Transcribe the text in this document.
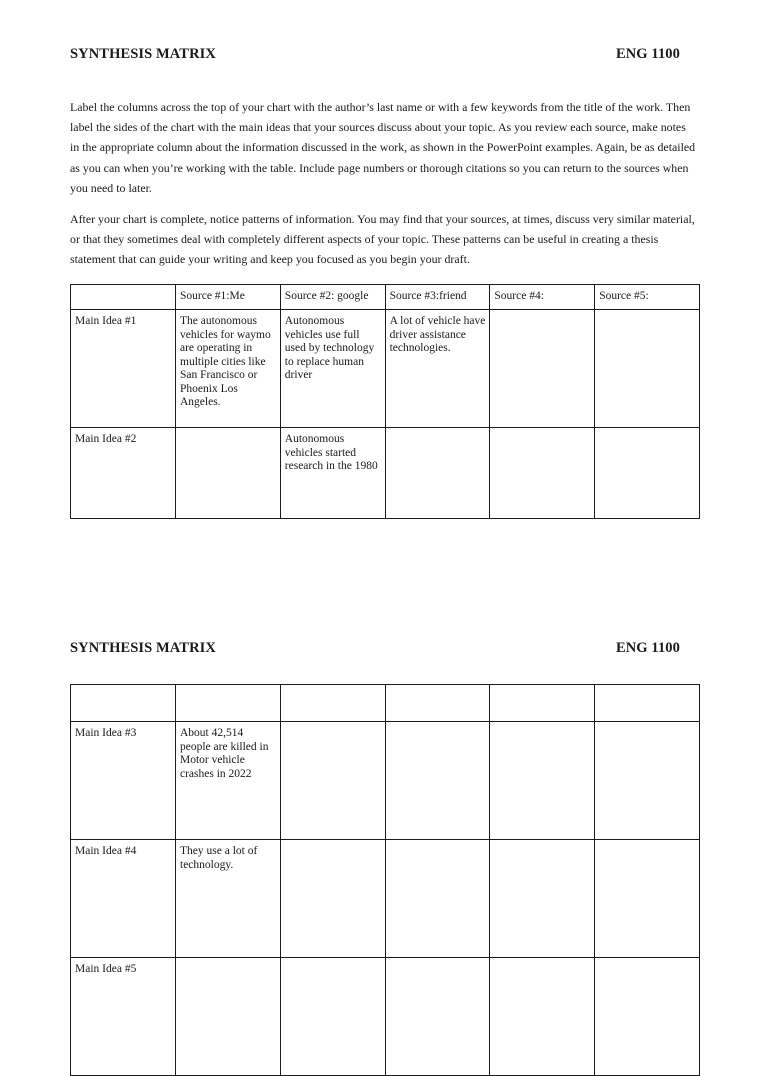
SYNTHESIS MATRIX	ENG 1100

Label the columns across the top of your chart with the author’s last name or with a few keywords from the title of the work. Then label the sides of the chart with the main ideas that your sources discuss about your topic. As you review each source, make notes in the appropriate column about the information discussed in the work, as shown in the PowerPoint examples. Again, be as detailed as you can when you’re working with the table. Include page numbers or thorough citations so you can return to the sources when you need to later.

After your chart is complete, notice patterns of information. You may find that your sources, at times, discuss very similar material, or that they sometimes deal with completely different aspects of your topic. These patterns can be useful in creating a thesis statement that can guide your writing and keep you focused as you begin your draft.

	Source #1:Me	Source #2: google	Source #3:friend	Source #4:	Source #5:
Main Idea #1	The autonomous vehicles for waymo are operating in multiple cities like San Francisco or Phoenix Los Angeles.	Autonomous vehicles use full used by technology to replace human driver	A lot of vehicle have driver assistance technologies.		
Main Idea #2		Autonomous vehicles started research in the 1980			
SYNTHESIS MATRIX	ENG 1100

Main Idea #3	About 42,514 people are killed in Motor vehicle crashes in 2022				
Main Idea #4	They use a lot of technology.				
Main Idea #5					
